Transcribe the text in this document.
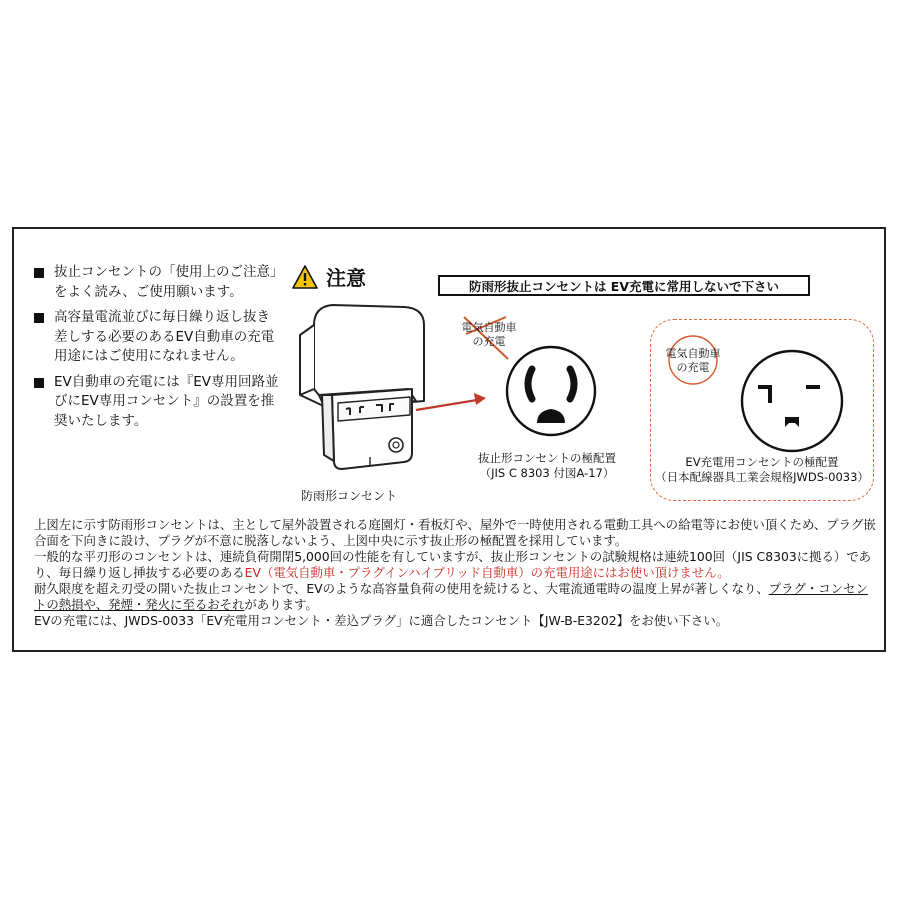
抜止コンセントの「使用上のご注意」をよく読み、ご使用願います。
高容量電流並びに毎日繰り返し抜き差しする必要のあるEV自動車の充電用途にはご使用になれません。
EV自動車の充電には『EV専用回路並びにEV専用コンセント』の設置を推奨いたします。
注意	防雨形抜止コンセントは EV充電に常用しないで下さい
電気自動車
の充電
電気自動車
の充電
抜止形コンセントの極配置
（JIS C 8303 付図A-17）
EV充電用コンセントの極配置
（日本配線器具工業会規格JWDS-0033）
防雨形コンセント

上図左に示す防雨形コンセントは、主として屋外設置される庭園灯・看板灯や、屋外で一時使用される電動工具への給電等にお使い頂くため、プラグ嵌合面を下向きに設け、プラグが不意に脱落しないよう、上図中央に示す抜止形の極配置を採用しています。

一般的な平刃形のコンセントは、連続負荷開閉5,000回の性能を有していますが、抜止形コンセントの試験規格は連続100回（JIS C8303に拠る）であり、毎日繰り返し挿抜する必要のあるEV（電気自動車・プラグインハイブリッド自動車）の充電用途にはお使い頂けません。

耐久限度を超え刃受の開いた抜止コンセントで、EVのような高容量負荷の使用を続けると、大電流通電時の温度上昇が著しくなり、プラグ・コンセントの熱損や、発煙・発火に至るおそれがあります。

EVの充電には、JWDS-0033「EV充電用コンセント・差込プラグ」に適合したコンセント【JW-B-E3202】をお使い下さい。
